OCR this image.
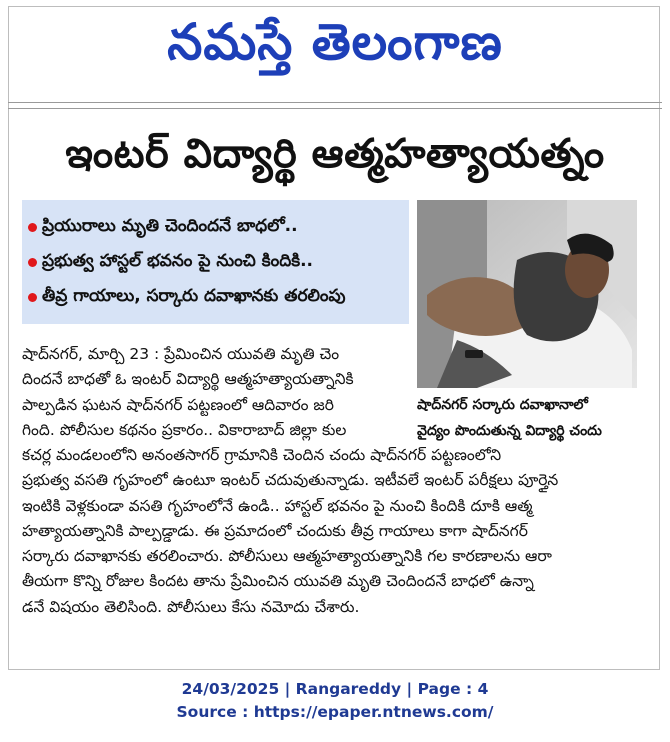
నమస్తే తెలంగాణ
ఇంటర్ విద్యార్థి ఆత్మహత్యాయత్నం
ప్రియురాలు మృతి చెందిందనే బాధలో..
ప్రభుత్వ హాస్టల్ భవనం పై నుంచి కిందికి..
తీవ్ర గాయాలు, సర్కారు దవాఖానకు తరలింపు
షాద్‌నగర్ సర్కారు దవాఖానాలో
వైద్యం పొందుతున్న విద్యార్థి చందు
షాద్‌నగర్, మార్చి 23 : ప్రేమించిన యువతి మృతి చెం
దిందనే బాధతో ఓ ఇంటర్ విద్యార్థి ఆత్మహత్యాయత్నానికి
పాల్పడిన ఘటన షాద్‌నగర్ పట్టణంలో ఆదివారం జరి
గింది. పోలీసుల కథనం ప్రకారం.. వికారాబాద్ జిల్లా కుల
కచర్ల మండలంలోని అనంతసాగర్ గ్రామానికి చెందిన చందు షాద్‌నగర్ పట్టణంలోని
ప్రభుత్వ వసతి గృహంలో ఉంటూ ఇంటర్ చదువుతున్నాడు. ఇటీవలే ఇంటర్ పరీక్షలు పూర్తైన
ఇంటికి వెళ్లకుండా వసతి గృహంలోనే ఉండి.. హాస్టల్ భవనం పై నుంచి కిందికి దూకి ఆత్మ
హత్యాయత్నానికి పాల్పడ్డాడు. ఈ ప్రమాదంలో చందుకు తీవ్ర గాయాలు కాగా షాద్‌నగర్
సర్కారు దవాఖానకు తరలించారు. పోలీసులు ఆత్మహత్యాయత్నానికి గల కారణాలను ఆరా
తీయగా కొన్ని రోజుల కిందట తాను ప్రేమించిన యువతి మృతి చెందిందనే బాధలో ఉన్నా
డనే విషయం తెలిసింది. పోలీసులు కేసు నమోదు చేశారు.
24/03/2025 | Rangareddy | Page : 4
Source : https://epaper.ntnews.com/
